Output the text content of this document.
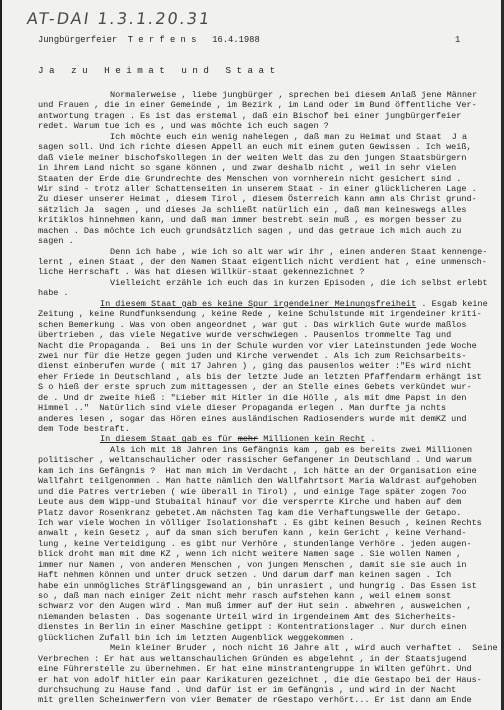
AT-DAI 1.3.1.20.31
Jungbürgerfeier  T e r f e n s   16.4.1988	1
J a   z u   H e i m a t   u n d   S t a a t
Normalerweise , liebe jungbürger , sprechen bei diesem Anlaß jene Männer
und Frauen , die in einer Gemeinde , im Bezirk , im Land oder im Bund öffentliche Ver-
antwortung tragen . Es ist das erstemal , daß ein Bischof bei einer jungbürgerfeier
redet. Warum tue ich es , und was möchte ich euch sagen ?
Ich möchte euch ein wenig nahelegen , daß man zu Heimat und Staat  J a
sagen soll. Und ich richte diesen Appell an euch mit einem guten Gewissen . Ich weiß,
daß viele meiner bischofskollegen in der weiten Welt das zu den jungen Staatsbürgern
in ihrem Land nicht so sgane können , und zwar deshalb nicht , weil in sehr vielen
Staaten der Erde die Grundrechte des Menschen von vornherein nicht gesichert sind .
Wir sind - trotz aller Schattenseiten in unserem Staat - in einer glücklicheren Lage .
Zu dieser unserer Heimat , diesem Tirol , diesem Österreich kann amn als Christ grund-
sätzlich Ja  sagen , und dieses Ja schließt natürlich ein , daß man keineswegs alles
kritiklos hinnehmen kann, und daß man immer bestrebt sein muß , es morgen besser zu
machen . Das möchte ich euch grundsätzlich sagen , und das getraue ich mich auch zu
sagen .
Denn ich habe , wie ich so alt war wir ihr , einen anderen Staat kennenge-
lernt , einen Staat , der den Namen Staat eigentlich nicht verdient hat , eine unmensch-
liche Herrschaft . Was hat diesen Willkür-staat gekennezichnet ?
Vielleicht erzähle ich euch das in kurzen Episoden , die ich selbst erlebt
habe .
In diesem Staat gab es keine Spur irgendeiner Meinungsfreiheit . Esgab keine
Zeitung , keine Rundfunksendung , keine Rede , keine Schulstunde mit irgendeiner kriti-
schen Bemerkung . Was von oben angeordnet , war gut . Das wirklich Gute wurde maßlos
übertrieben , das viele Negative wurde verschwiegen . Pausenlos trommelte Tag und
Nacht die Propaganda .  Bei uns in der Schule wurden vor vier Lateinstunden jede Woche
zwei nur für die Hetze gegen juden und Kirche verwendet . Als ich zum Reichsarbeits-
dienst einberufen wurde ( mit 17 Jahren ) , ging das pausenlos weiter :"Es wird nicht
eher Friede in Deutschland , als bis der letzte Jude an letzten Pfaffendarm erhängt ist
S o hieß der erste spruch zum mittagessen , der an Stelle eines Gebets verkündet wur-
de . Und dr zweite hieß : "Lieber mit Hitler in die Hölle , als mit dme Papst in den
Himmel .."  Natürlich sind viele dieser Propaganda erlegen . Man durfte ja nchts
anderes lesen , sogar das Hören eines ausländischen Radiosenders wurde mit demKZ und
dem Tode bestraft.
In diesem Staat gab es für mehr Millionen kein Recht .
Als ich mit 18 Jahren ins Gefängnis kam , gab es bereits zwei Millionen
politischer , weltanschaulicher oder rassischer Gefangener in Deutschland . Und warum
kam ich ins Gefängnis ?  Hat man mich im Verdacht , ich hätte an der Organisation eine
Wallfahrt teilgenommen . Man hatte nämlich den Wallfahrtsort Maria Waldrast aufgehoben
und die Patres vertrieben ( wie überall in Tirol) , und einige Tage später zogen 7oo
Leute aus dem Wipp-und Stubaital hinauf vor die versperrte Kirche und haben auf dem
Platz davor Rosenkranz gebetet.Am nächsten Tag kam die Verhaftungswelle der Getapo.
Ich war viele Wochen in völliger Isolationshaft . Es gibt keinen Besuch , keinen Rechts
anwalt , kein Gesetz , auf da sman sich berufen kann , kein Gericht , keine Verhand-
lung , keine Verteidigung . es gibt nur Verhöre , stundenlange Verhöre . jeden augen-
blick droht man mit dme KZ , wenn ich nicht weitere Namen sage . Sie wollen Namen ,
immer nur Namen , von anderen Menschen , von jungen Menschen , damit sie sie auch in
Haft nehmen können und unter druck setzen . Und darum darf man keinen sagen . Ich
habe ein unmögliches Sträflingsgewand an , bin unrasiert , und hungrig . Das Essen ist
so , daß man nach einiger Zeit nicht mehr rasch aufstehen kann , weil einem sonst
schwarz vor den Augen wird . Man muß immer auf der Hut sein . abwehren , ausweichen ,
niemanden belasten . Das sogenante Urteil wird in irgendeinem Amt des Sicherheits-
dienstes in Berlin in einer Maschine getippt : Kontentrationslager . Nur durch einen
glücklichen Zufall bin ich im letzten Augenblick weggekommen .
Mein kleiner Bruder , noch nicht 16 Jahre alt , wird auch verhaftet .  Seine
Verbrechen : Er hat aus weltanschaulichen Gründen es abgelehnt , in der Staatsjugend
eine Führerstelle zu übernehmen. Er hat eine minstrantengruppe in Wilten geführt. Und
er hat von adolf hitler ein paar Karikaturen gezeichnet , die die Gestapo bei der Haus-
durchsuchung zu Hause fand . Und dafür ist er im Gefängnis , und wird in der Nacht
mit grellen Scheinwerfern von vier Bemater de rGestapo verhört... Er ist dann am Ende
